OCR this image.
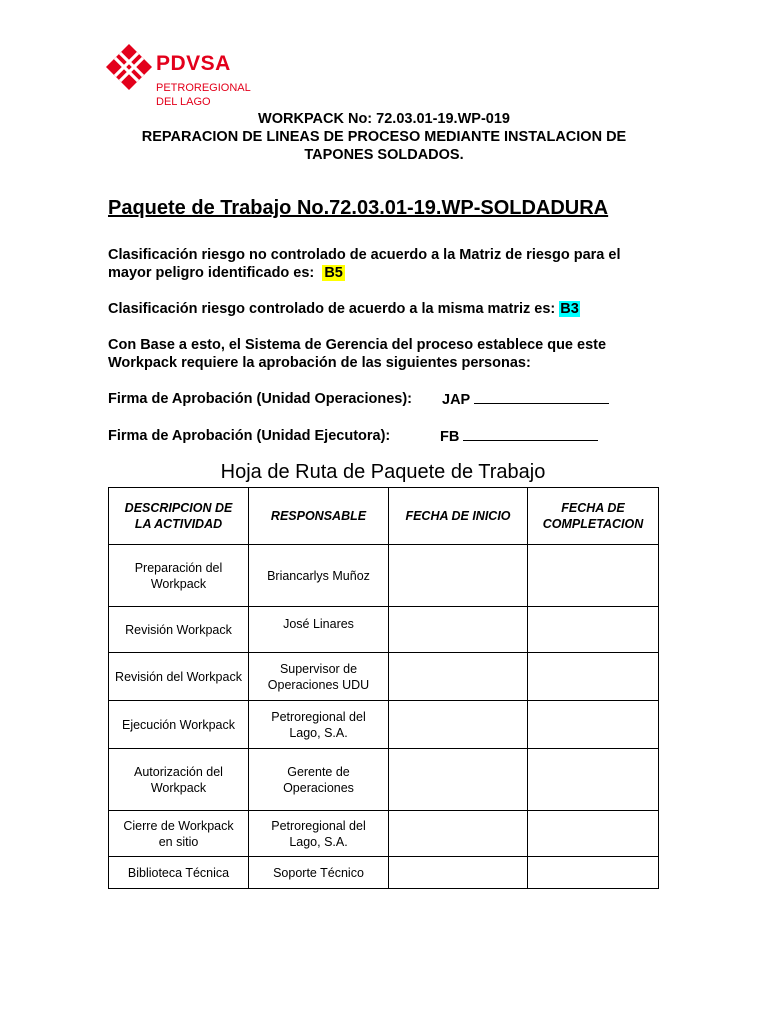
PDVSA
PETROREGIONAL
DEL LAGO
WORKPACK No: 72.03.01-19.WP-019
REPARACION DE LINEAS DE PROCESO MEDIANTE INSTALACION DE
TAPONES SOLDADOS.
Paquete de Trabajo No.72.03.01-19.WP-SOLDADURA
Clasificación riesgo no controlado de acuerdo a la Matriz de riesgo para el mayor peligro identificado es: B5
Clasificación riesgo controlado de acuerdo a la misma matriz es: B3
Con Base a esto, el Sistema de Gerencia del proceso establece que este Workpack requiere la aprobación de las siguientes personas:
Firma de Aprobación (Unidad Operaciones): JAP
Firma de Aprobación (Unidad Ejecutora):	FB
Hoja de Ruta de Paquete de Trabajo
DESCRIPCION DE LA ACTIVIDAD	RESPONSABLE	FECHA DE INICIO	FECHA DE COMPLETACION
Preparación del Workpack	Briancarlys Muñoz		
Revisión Workpack	José Linares		
Revisión del Workpack	Supervisor de Operaciones UDU		
Ejecución Workpack	Petroregional del Lago, S.A.		
Autorización del Workpack	Gerente de Operaciones		
Cierre de Workpack en sitio	Petroregional del Lago, S.A.		
Biblioteca Técnica	Soporte Técnico		
